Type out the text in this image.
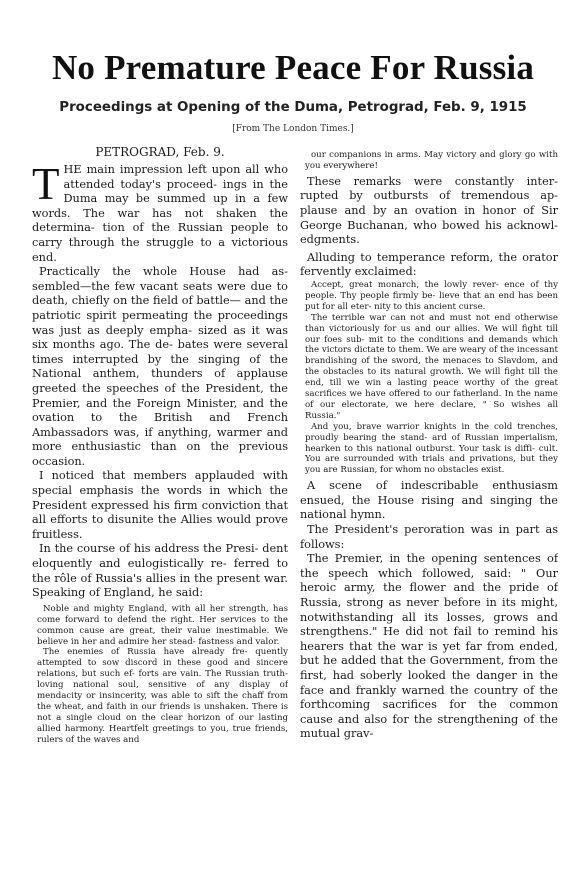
No Premature Peace For Russia
Proceedings at Opening of the Duma, Petrograd, Feb. 9, 1915
[From The London Times.]
PETROGRAD, Feb. 9.

THE main impression left upon all who attended today's proceed- ings in the Duma may be summed up in a few words. The war has not shaken the determina- tion of the Russian people to carry through the struggle to a victorious end.

Practically the whole House had as- sembled—the few vacant seats were due to death, chiefly on the field of battle— and the patriotic spirit permeating the proceedings was just as deeply empha- sized as it was six months ago. The de- bates were several times interrupted by the singing of the National anthem, thunders of applause greeted the speeches of the President, the Premier, and the Foreign Minister, and the ovation to the British and French Ambassadors was, if anything, warmer and more enthusiastic than on the previous occasion.

I noticed that members applauded with special emphasis the words in which the President expressed his firm conviction that all efforts to disunite the Allies would prove fruitless.

In the course of his address the Presi- dent eloquently and eulogistically re- ferred to the rôle of Russia's allies in the present war. Speaking of England, he said:

Noble and mighty England, with all her strength, has come forward to defend the right. Her services to the common cause are great, their value inestimable. We believe in her and admire her stead- fastness and valor.

The enemies of Russia have already fre- quently attempted to sow discord in these good and sincere relations, but such ef- forts are vain. The Russian truth-loving national soul, sensitive of any display of mendacity or insincerity, was able to sift the chaff from the wheat, and faith in our friends is unshaken. There is not a single cloud on the clear horizon of our lasting allied harmony. Heartfelt greetings to you, true friends, rulers of the waves and

our companions in arms. May victory and glory go with you everywhere!

These remarks were constantly inter- rupted by outbursts of tremendous ap- plause and by an ovation in honor of Sir George Buchanan, who bowed his acknowl- edgments.

Alluding to temperance reform, the orator fervently exclaimed:

Accept, great monarch, the lowly rever- ence of thy people. Thy people firmly be- lieve that an end has been put for all eter- nity to this ancient curse.

The terrible war can not and must not end otherwise than victoriously for us and our allies. We will fight till our foes sub- mit to the conditions and demands which the victors dictate to them. We are weary of the incessant brandishing of the sword, the menaces to Slavdom, and the obstacles to its natural growth. We will fight till the end, till we win a lasting peace worthy of the great sacrifices we have offered to our fatherland. In the name of our electorate, we here declare, " So wishes all Russia."

And you, brave warrior knights in the cold trenches, proudly bearing the stand- ard of Russian imperialism, hearken to this national outburst. Your task is diffi- cult. You are surrounded with trials and privations, but they you are Russian, for whom no obstacles exist.

A scene of indescribable enthusiasm ensued, the House rising and singing the national hymn.

The President's peroration was in part as follows:

The Premier, in the opening sentences of the speech which followed, said: " Our heroic army, the flower and the pride of Russia, strong as never before in its might, notwithstanding all its losses, grows and strengthens." He did not fail to remind his hearers that the war is yet far from ended, but he added that the Government, from the first, had soberly looked the danger in the face and frankly warned the country of the forthcoming sacrifices for the common cause and also for the strengthening of the mutual grav-
